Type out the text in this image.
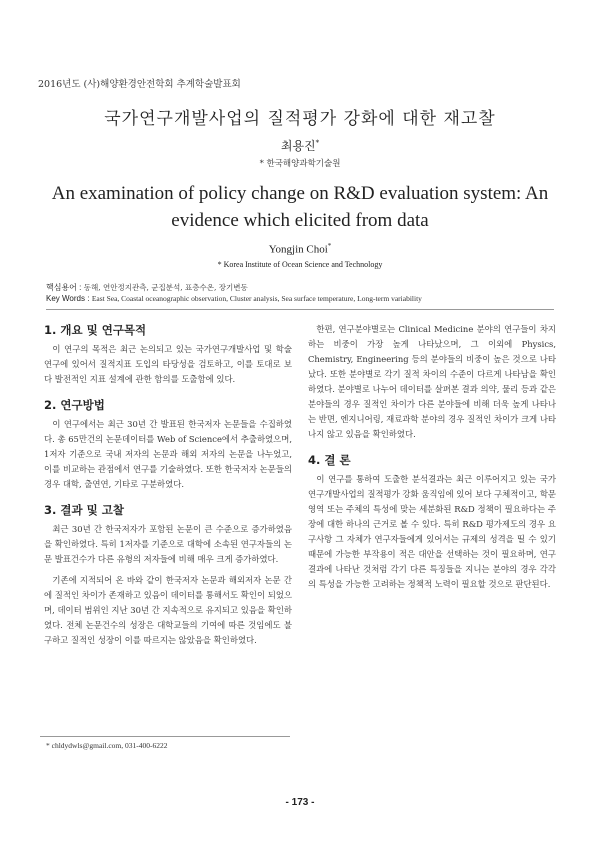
2016년도 (사)해양환경안전학회 추계학술발표회
국가연구개발사업의 질적평가 강화에 대한 재고찰
최용진*
* 한국해양과학기술원
An examination of policy change on R&D evaluation system: An evidence which elicited from data
Yongjin Choi*
* Korea Institute of Ocean Science and Technology
핵심용어 : 동해, 연안정지관측, 군집분석, 표층수온, 장기변동
Key Words : East Sea, Coastal oceanographic observation, Cluster analysis, Sea surface temperature, Long-term variability
1. 개요 및 연구목적

이 연구의 목적은 최근 논의되고 있는 국가연구개발사업 및 학술연구에 있어서 질적지표 도입의 타당성을 검토하고, 이를 토대로 보다 발전적인 지표 설계에 관한 함의를 도출함에 있다.

2. 연구방법

이 연구에서는 최근 30년 간 발표된 한국저자 논문들을 수집하였다. 총 65만건의 논문데이터를 Web of Science에서 추출하였으며, 1저자 기준으로 국내 저자의 논문과 해외 저자의 논문을 나누었고, 이를 비교하는 관점에서 연구를 기술하였다. 또한 한국저자 논문들의 경우 대학, 출연연, 기타로 구분하였다.

3. 결과 및 고찰

최근 30년 간 한국저자가 포함된 논문이 큰 수준으로 증가하였음을 확인하였다. 특히 1저자를 기준으로 대학에 소속된 연구자들의 논문 발표건수가 다른 유형의 저자들에 비해 매우 크게 증가하였다.

기존에 지적되어 온 바와 같이 한국저자 논문과 해외저자 논문 간에 질적인 차이가 존재하고 있음이 데이터를 통해서도 확인이 되었으며, 데이터 범위인 지난 30년 간 지속적으로 유지되고 있음을 확인하였다. 전체 논문건수의 성장은 대학교들의 기여에 따른 것임에도 불구하고 질적인 성장이 이를 따르지는 않았음을 확인하였다.

한편, 연구분야별로는 Clinical Medicine 분야의 연구들이 차지하는 비중이 가장 높게 나타났으며, 그 이외에 Physics, Chemistry, Engineering 등의 분야들의 비중이 높은 것으로 나타났다. 또한 분야별로 각기 질적 차이의 수준이 다르게 나타남을 확인하였다. 분야별로 나누어 데이터를 살펴본 결과 의약, 물리 등과 같은 분야들의 경우 질적인 차이가 다른 분야들에 비해 더욱 높게 나타나는 반면, 엔지니어링, 재료과학 분야의 경우 질적인 차이가 크게 나타나지 않고 있음을 확인하였다.

4. 결 론

이 연구를 통하여 도출한 분석결과는 최근 이루어지고 있는 국가연구개발사업의 질적평가 강화 움직임에 있어 보다 구체적이고, 학문영역 또는 주체의 특성에 맞는 세분화된 R&D 정책이 필요하다는 주장에 대한 하나의 근거로 볼 수 있다. 특히 R&D 평가제도의 경우 요구사항 그 자체가 연구자들에게 있어서는 규제의 성격을 띨 수 있기 때문에 가능한 부작용이 적은 대안을 선택하는 것이 필요하며, 연구결과에 나타난 것처럼 각기 다른 특징들을 지니는 분야의 경우 각각의 특성을 가능한 고려하는 정책적 노력이 필요할 것으로 판단된다.

* chldydwls@gmail.com, 031-400-6222
- 173 -
